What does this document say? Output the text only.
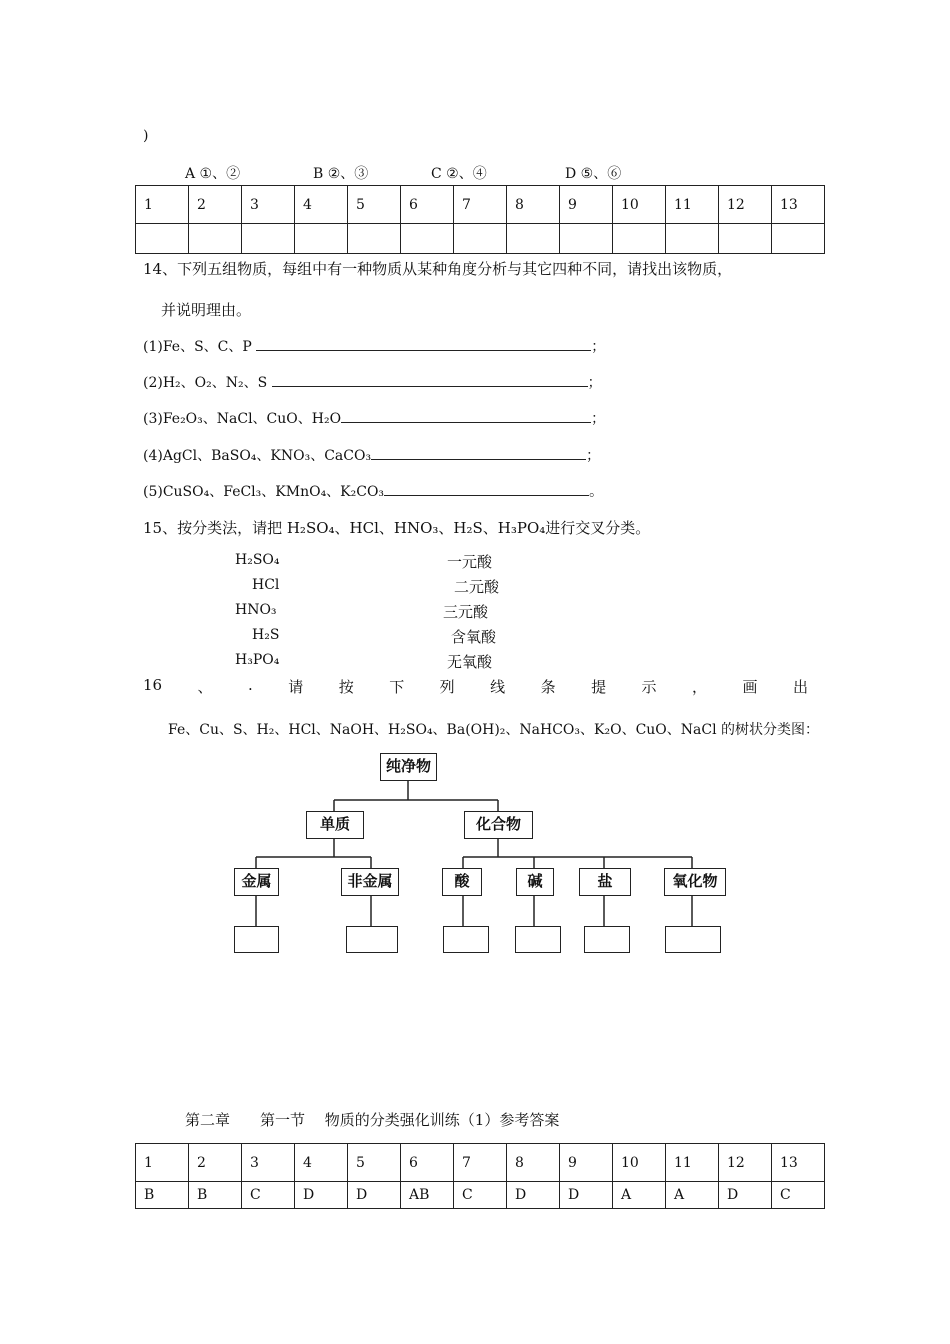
)
A ①、②	B ②、③	C ②、④	D ⑤、⑥
1	2	3	4	5	6	7	8	9	10	11	12	13

14、下列五组物质，每组中有一种物质从某种角度分析与其它四种不同，请找出该物质，
并说明理由。
(1)Fe、S、C、P	；
(2)H₂、O₂、N₂、S	；
(3)Fe₂O₃、NaCl、CuO、H₂O	；
(4)AgCl、BaSO₄、KNO₃、CaCO₃	；
(5)CuSO₄、FeCl₃、KMnO₄、K₂CO₃	。
15、按分类法，请把 H₂SO₄、HCl、HNO₃、H₂S、H₃PO₄进行交叉分类。
H₂SO₄
HCl
HNO₃
H₂S
H₃PO₄
一元酸
二元酸
三元酸
含氧酸
无氧酸
16 、 . 请 按 下 列 线 条 提 示 ， 画 出
Fe、Cu、S、H₂、HCl、NaOH、H₂SO₄、Ba(OH)₂、NaHCO₃、K₂O、CuO、NaCl 的树状分类图：
纯净物
单质	化合物
金属	非金属	酸	碱	盐	氧化物
第二章　　第一节　 物质的分类强化训练（1）参考答案
1	2	3	4	5	6	7	8	9	10	11	12	13
B	B	C	D	D	AB	C	D	D	A	A	D	C
